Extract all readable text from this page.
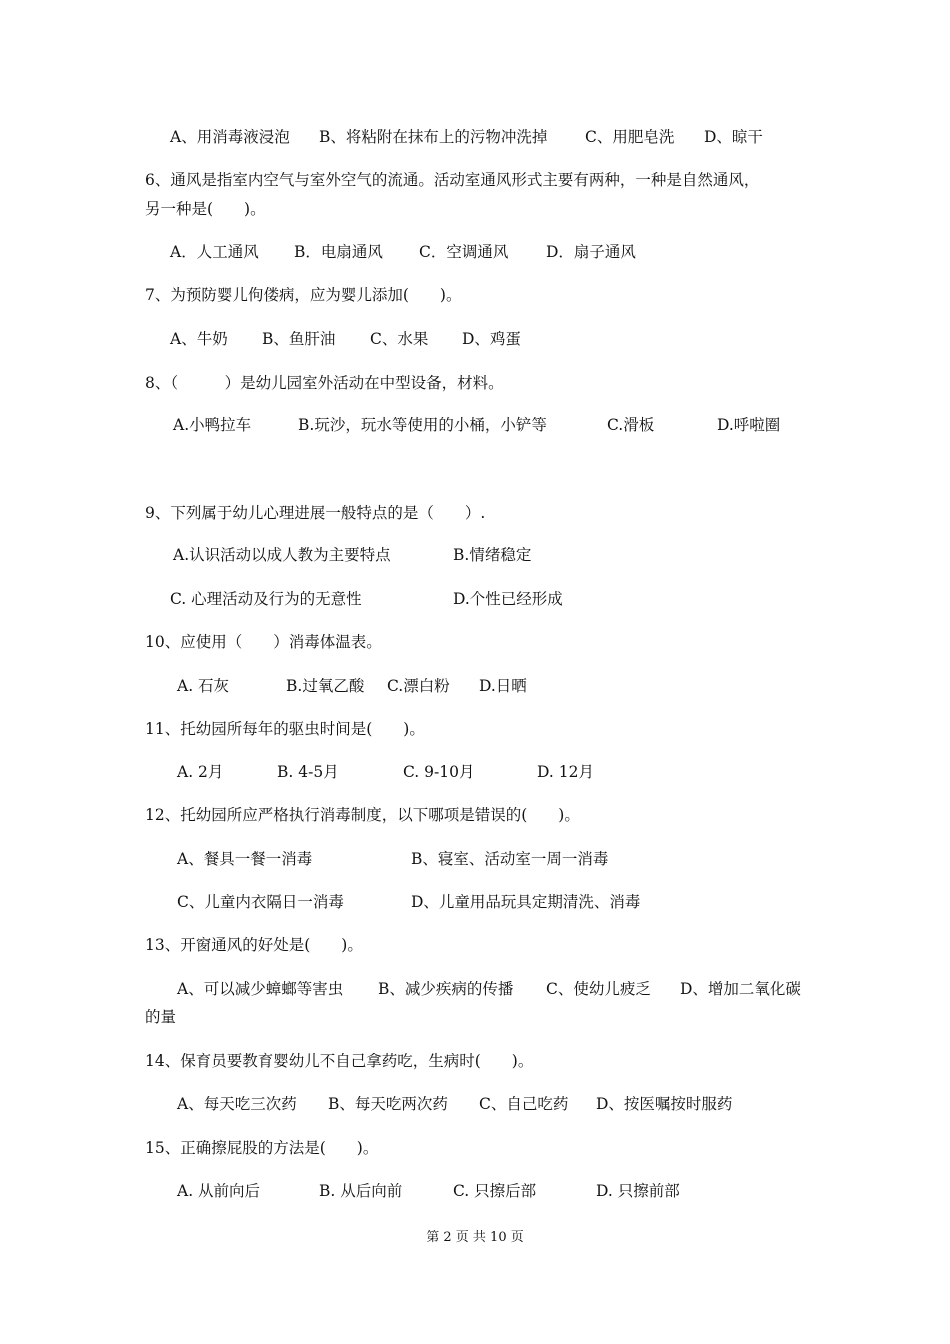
A、用消毒液浸泡 B、将粘附在抹布上的污物冲洗掉 C、用肥皂洗 D、晾干
6、通风是指室内空气与室外空气的流通。活动室通风形式主要有两种，一种是自然通风，
另一种是(　　)。
A．人工通风 B．电扇通风 C．空调通风 D．扇子通风
7、为预防婴儿佝偻病，应为婴儿添加(　　)。
A、牛奶 B、鱼肝油 C、水果 D、鸡蛋
8、（　　　）是幼儿园室外活动在中型设备，材料。
A.小鸭拉车	B.玩沙，玩水等使用的小桶，小铲等	C.滑板	D.呼啦圈
9、下列属于幼儿心理进展一般特点的是（　　）.
A.认识活动以成人教为主要特点	B.情绪稳定
C. 心理活动及行为的无意性	D.个性已经形成
10、应使用（　　）消毒体温表。
A. 石灰	B.过氧乙酸 C.漂白粉 D.日晒
11、托幼园所每年的驱虫时间是(　　)。
A. 2月	B. 4-5月	C. 9-10月	D. 12月
12、托幼园所应严格执行消毒制度，以下哪项是错误的(　　)。
A、餐具一餐一消毒	B、寝室、活动室一周一消毒
C、儿童内衣隔日一消毒	D、儿童用品玩具定期清洗、消毒
13、开窗通风的好处是(　　)。
A、可以减少蟑螂等害虫 B、减少疾病的传播 C、使幼儿疲乏 D、增加二氧化碳
的量
14、保育员要教育婴幼儿不自己拿药吃，生病时(　　)。
A、每天吃三次药 B、每天吃两次药 C、自己吃药 D、按医嘱按时服药
15、正确擦屁股的方法是(　　)。
A. 从前向后	B. 从后向前	C. 只擦后部	D. 只擦前部
第 2 页 共 10 页
